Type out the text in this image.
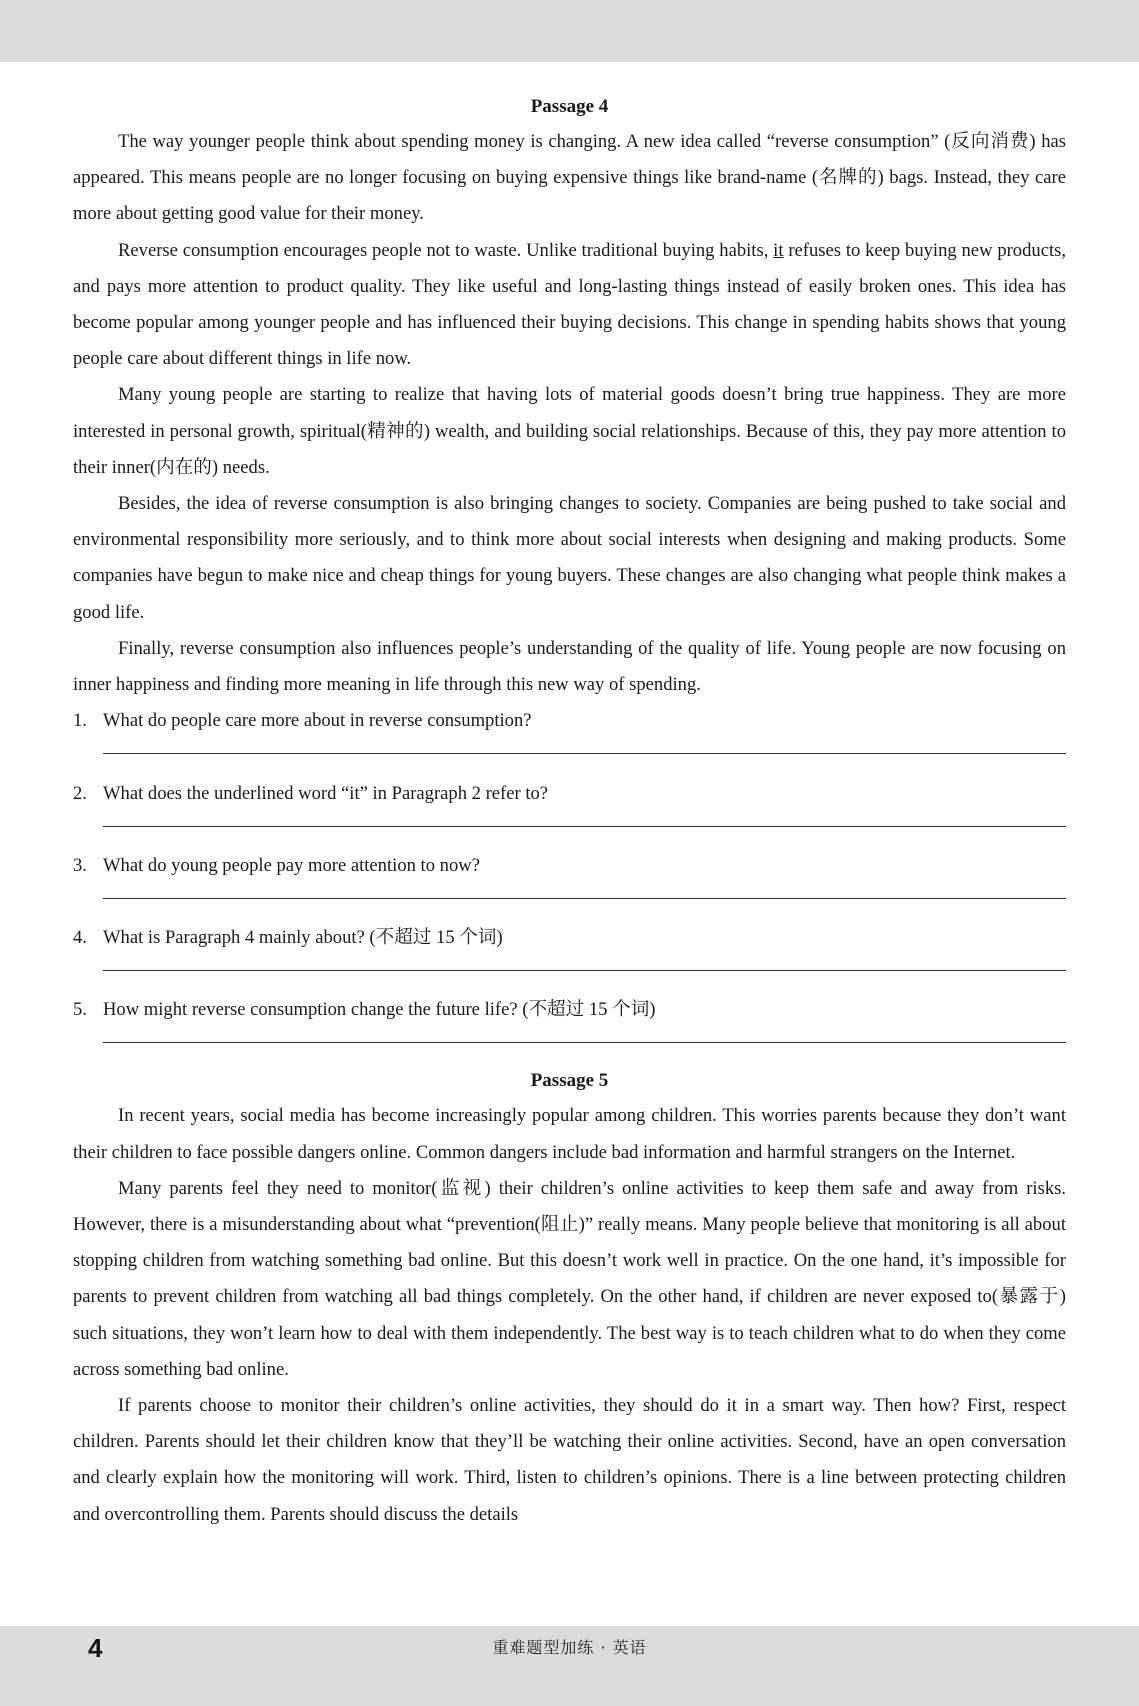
Passage 4

The way younger people think about spending money is changing. A new idea called “reverse consumption” (反向消费) has appeared. This means people are no longer focusing on buying expensive things like brand-name (名牌的) bags. Instead, they care more about getting good value for their money.

Reverse consumption encourages people not to waste. Unlike traditional buying habits, it refuses to keep buying new products, and pays more attention to product quality. They like useful and long-lasting things instead of easily broken ones. This idea has become popular among younger people and has influenced their buying decisions. This change in spending habits shows that young people care about different things in life now.

Many young people are starting to realize that having lots of material goods doesn’t bring true happiness. They are more interested in personal growth, spiritual(精神的) wealth, and building social relationships. Because of this, they pay more attention to their inner(内在的) needs.

Besides, the idea of reverse consumption is also bringing changes to society. Companies are being pushed to take social and environmental responsibility more seriously, and to think more about social interests when designing and making products. Some companies have begun to make nice and cheap things for young buyers. These changes are also changing what people think makes a good life.

Finally, reverse consumption also influences people’s understanding of the quality of life. Young people are now focusing on inner happiness and finding more meaning in life through this new way of spending.

1. What do people care more about in reverse consumption?
2. What does the underlined word “it” in Paragraph 2 refer to?
3. What do young people pay more attention to now?
4. What is Paragraph 4 mainly about? (不超过 15 个词)
5. How might reverse consumption change the future life? (不超过 15 个词)
Passage 5

In recent years, social media has become increasingly popular among children. This worries parents because they don’t want their children to face possible dangers online. Common dangers include bad information and harmful strangers on the Internet.

Many parents feel they need to monitor(监视) their children’s online activities to keep them safe and away from risks. However, there is a misunderstanding about what “prevention(阻止)” really means. Many people believe that monitoring is all about stopping children from watching something bad online. But this doesn’t work well in practice. On the one hand, it’s impossible for parents to prevent children from watching all bad things completely. On the other hand, if children are never exposed to(暴露于) such situations, they won’t learn how to deal with them independently. The best way is to teach children what to do when they come across something bad online.

If parents choose to monitor their children’s online activities, they should do it in a smart way. Then how? First, respect children. Parents should let their children know that they’ll be watching their online activities. Second, have an open conversation and clearly explain how the monitoring will work. Third, listen to children’s opinions. There is a line between protecting children and overcontrolling them. Parents should discuss the details

4	重难题型加练 · 英语
